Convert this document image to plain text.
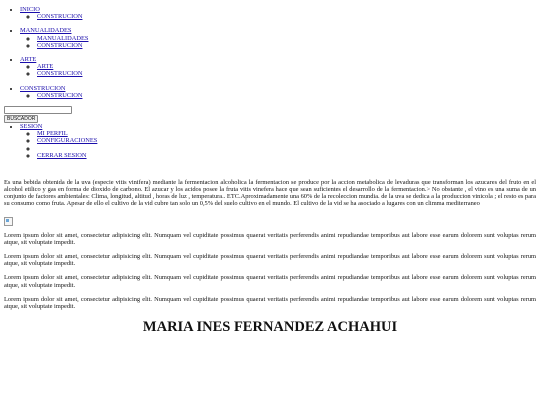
• INICIO
◦ CONSTRUCION
• MANUALIDADES
◦ MANUALIDADES
◦ CONSTRUCION
• ARTE
◦ ARTE
◦ CONSTRUCION
• CONSTRUCION
◦ CONSTRUCION

BUSCADOR
• SESION
◦ MI PERFIL
◦ CONFIGURACIONES
◦
◦ CERRAR SESION

Es una bebida obtenida de la uva (especie vitis vinifera) mediante la fermentacion alcoholica la fermentacion se produce por la accion metabolica de levaduras que transforman los azucares del fruto en el alcohol etilico y gas en forma de dioxido de carbono. El azucar y los acidos posee la fruta vitis vinefera hace que sean suficientes el desarrollo de la fermentacion.> No obstante , el vino es una suma de un conjunto de factores ambientales: Clima, longitud, altitud , horas de luz , temperatura.. ETC.Aproximadamente una 60% de la recoleccion mundia. de la uva se dedica a la produccion vinicola ; el resto es para su consumo como fruta. Apesar de ello el cultivo de la vid cubre tan solo un 0,5% del suelo cultivo en el mundo. El cultivo de la vid se ha asociado a lugares con un climma mediterraneo

Lorem ipsum dolor sit amet, consectetur adipisicing elit. Numquam vel cupiditate possimus quaerat veritatis perferendis animi repudiandae temporibus aut labore esse earum dolorem sunt voluptas rerum atque, sit voluptate impedit.

Lorem ipsum dolor sit amet, consectetur adipisicing elit. Numquam vel cupiditate possimus quaerat veritatis perferendis animi repudiandae temporibus aut labore esse earum dolorem sunt voluptas rerum atque, sit voluptate impedit.

Lorem ipsum dolor sit amet, consectetur adipisicing elit. Numquam vel cupiditate possimus quaerat veritatis perferendis animi repudiandae temporibus aut labore esse earum dolorem sunt voluptas rerum atque, sit voluptate impedit.

Lorem ipsum dolor sit amet, consectetur adipisicing elit. Numquam vel cupiditate possimus quaerat veritatis perferendis animi repudiandae temporibus aut labore esse earum dolorem sunt voluptas rerum atque, sit voluptate impedit.

MARIA INES FERNANDEZ ACHAHUI
